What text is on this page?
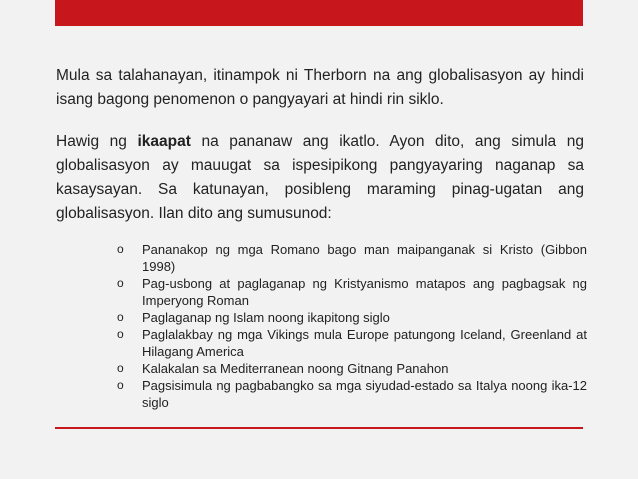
Mula sa talahanayan, itinampok ni Therborn na ang globalisasyon ay hindi isang bagong penomenon o pangyayari at hindi rin siklo.
Hawig ng ikaapat na pananaw ang ikatlo. Ayon dito, ang simula ng globalisasyon ay mauugat sa ispesipikong pangyayaring naganap sa kasaysayan. Sa katunayan, posibleng maraming pinag-ugatan ang globalisasyon. Ilan dito ang sumusunod:
o Pananakop ng mga Romano bago man maipanganak si Kristo (Gibbon 1998)
o Pag-usbong at paglaganap ng Kristyanismo matapos ang pagbagsak ng Imperyong Roman
o Paglaganap ng Islam noong ikapitong siglo
o Paglalakbay ng mga Vikings mula Europe patungong Iceland, Greenland at Hilagang America
o Kalakalan sa Mediterranean noong Gitnang Panahon
o Pagsisimula ng pagbabangko sa mga siyudad-estado sa Italya noong ika-12 siglo
